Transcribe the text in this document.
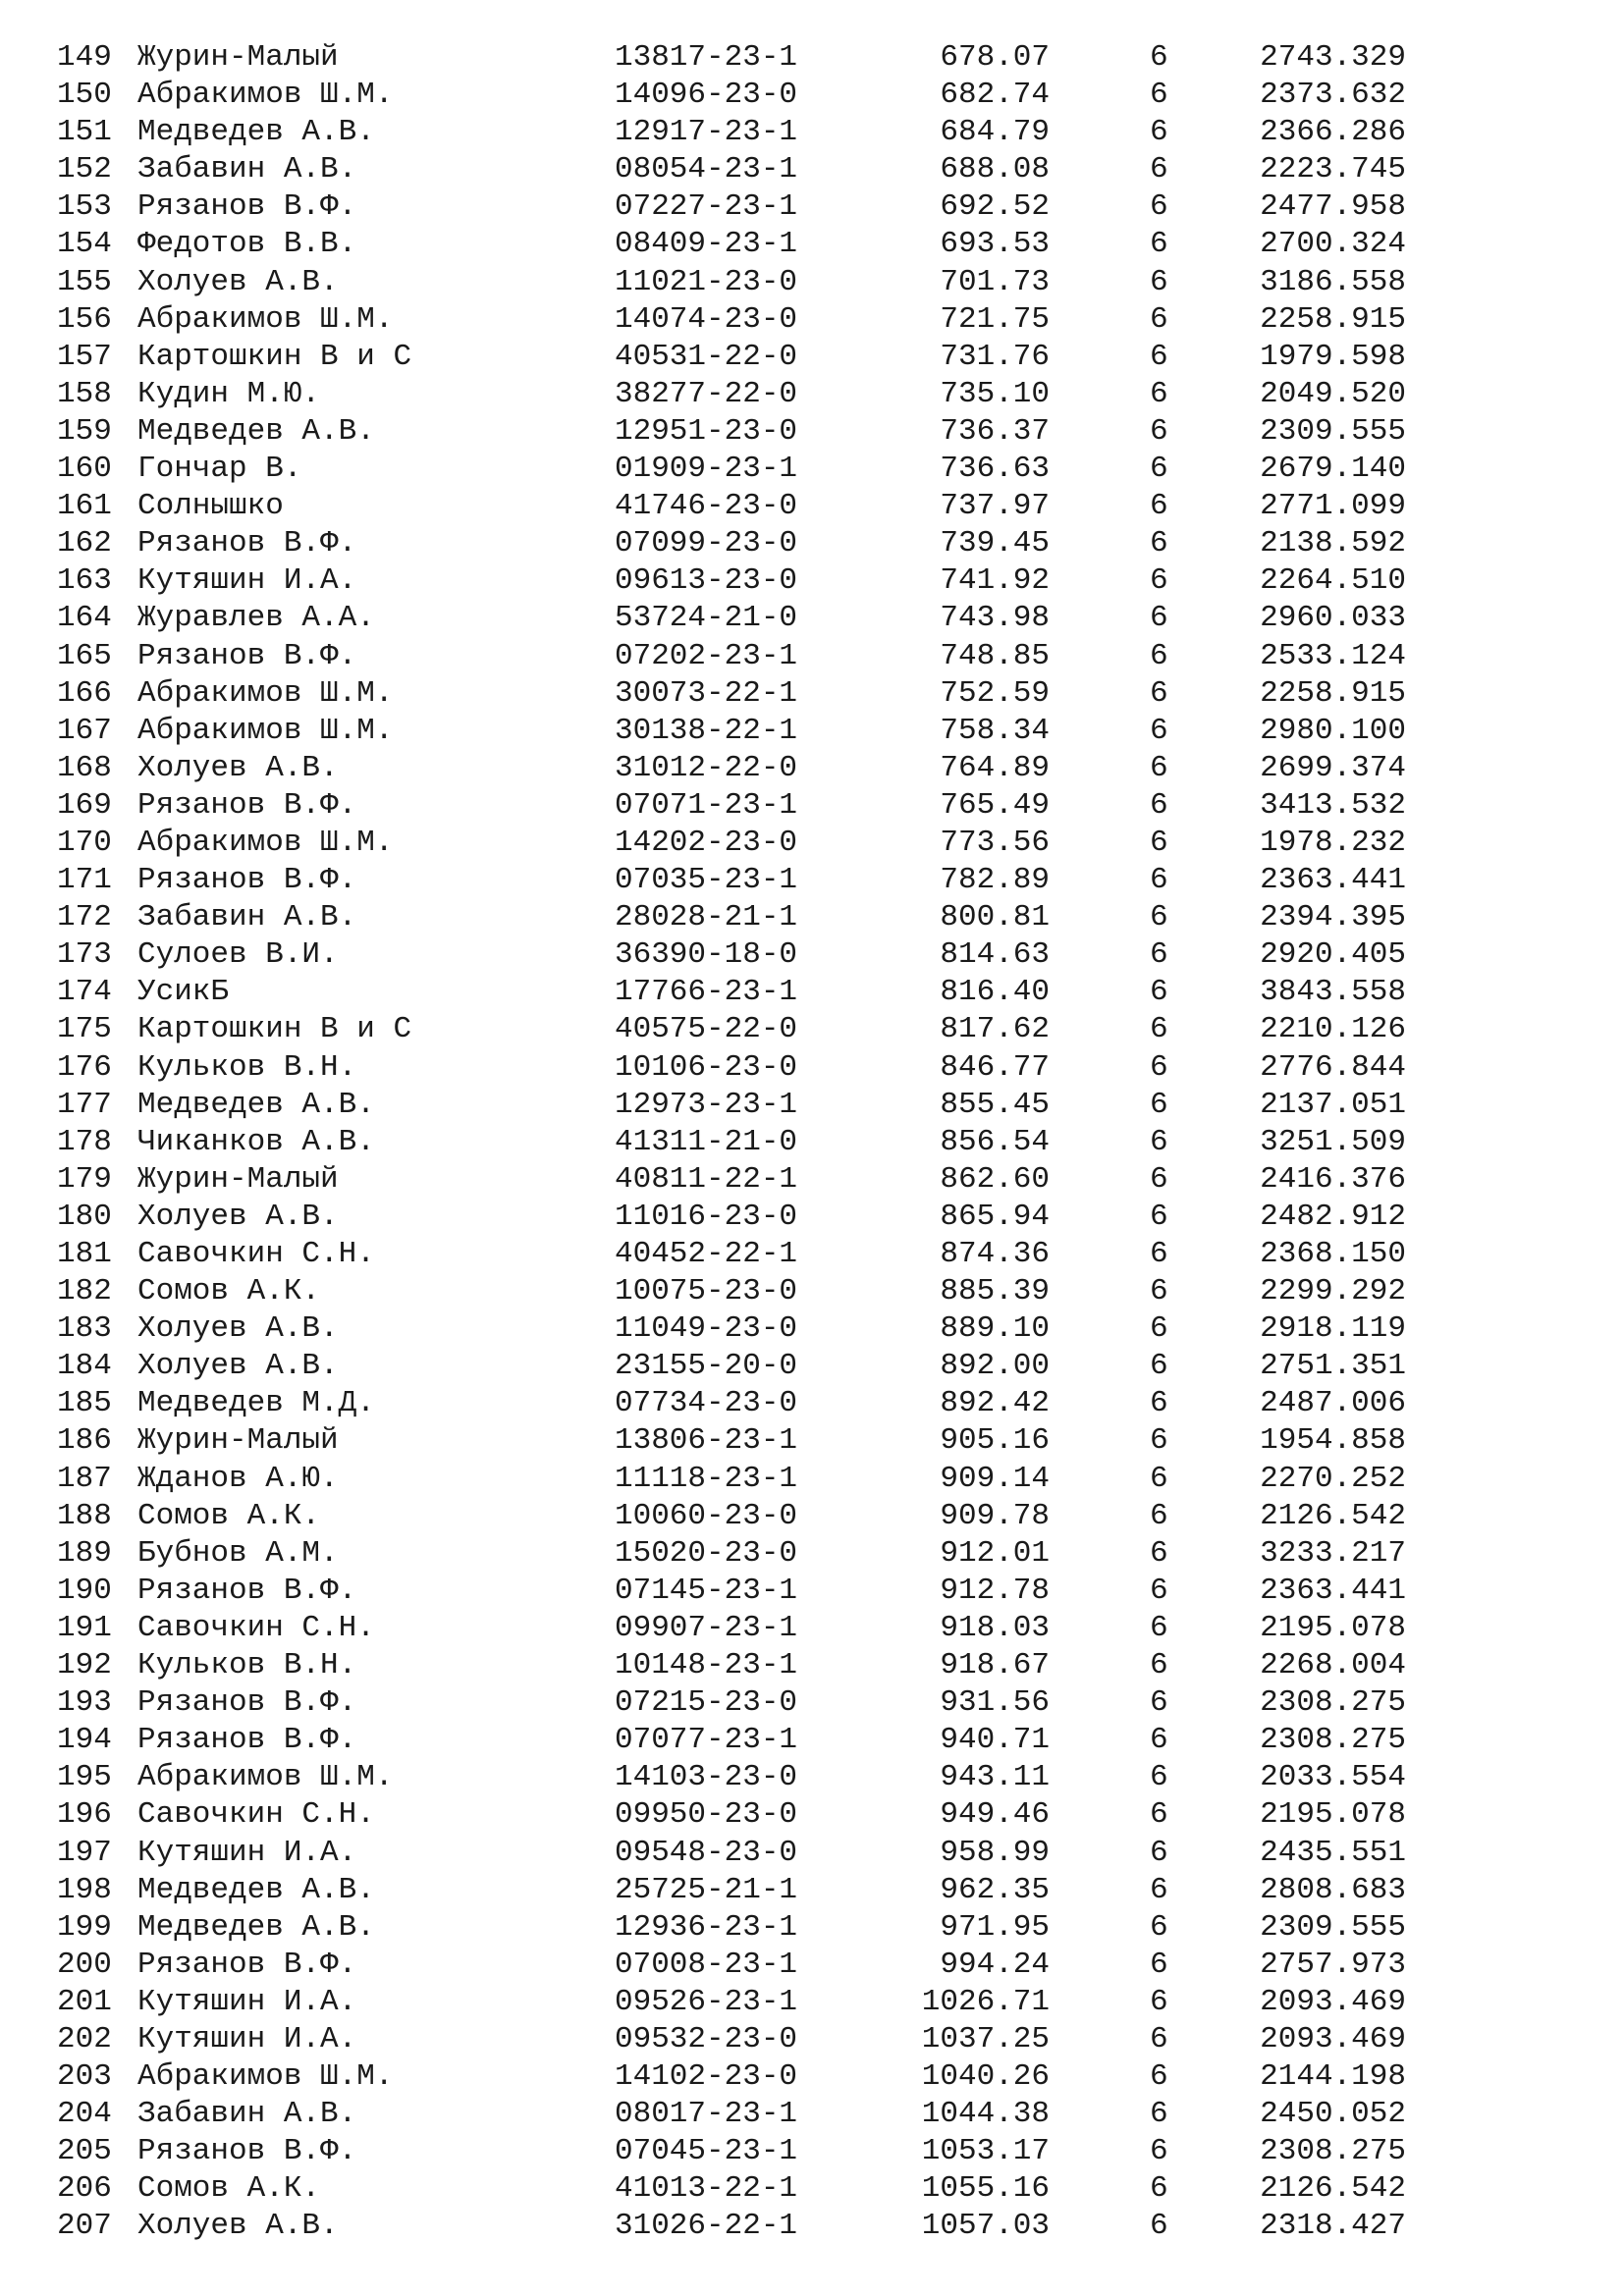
149 Журин-Малый	13817-23-1	678.07	6	2743.329
150 Абракимов Ш.М.	14096-23-0	682.74	6	2373.632
151 Медведев А.В.	12917-23-1	684.79	6	2366.286
152 Забавин А.В.	08054-23-1	688.08	6	2223.745
153 Рязанов В.Ф.	07227-23-1	692.52	6	2477.958
154 Федотов В.В.	08409-23-1	693.53	6	2700.324
155 Холуев А.В.	11021-23-0	701.73	6	3186.558
156 Абракимов Ш.М.	14074-23-0	721.75	6	2258.915
157 Картошкин В и С	40531-22-0	731.76	6	1979.598
158 Кудин М.Ю.	38277-22-0	735.10	6	2049.520
159 Медведев А.В.	12951-23-0	736.37	6	2309.555
160 Гончар В.	01909-23-1	736.63	6	2679.140
161 Солнышко	41746-23-0	737.97	6	2771.099
162 Рязанов В.Ф.	07099-23-0	739.45	6	2138.592
163 Кутяшин И.А.	09613-23-0	741.92	6	2264.510
164 Журавлев А.А.	53724-21-0	743.98	6	2960.033
165 Рязанов В.Ф.	07202-23-1	748.85	6	2533.124
166 Абракимов Ш.М.	30073-22-1	752.59	6	2258.915
167 Абракимов Ш.М.	30138-22-1	758.34	6	2980.100
168 Холуев А.В.	31012-22-0	764.89	6	2699.374
169 Рязанов В.Ф.	07071-23-1	765.49	6	3413.532
170 Абракимов Ш.М.	14202-23-0	773.56	6	1978.232
171 Рязанов В.Ф.	07035-23-1	782.89	6	2363.441
172 Забавин А.В.	28028-21-1	800.81	6	2394.395
173 Сулоев В.И.	36390-18-0	814.63	6	2920.405
174 УсикБ	17766-23-1	816.40	6	3843.558
175 Картошкин В и С	40575-22-0	817.62	6	2210.126
176 Кульков В.Н.	10106-23-0	846.77	6	2776.844
177 Медведев А.В.	12973-23-1	855.45	6	2137.051
178 Чиканков А.В.	41311-21-0	856.54	6	3251.509
179 Журин-Малый	40811-22-1	862.60	6	2416.376
180 Холуев А.В.	11016-23-0	865.94	6	2482.912
181 Савочкин С.Н.	40452-22-1	874.36	6	2368.150
182 Сомов А.К.	10075-23-0	885.39	6	2299.292
183 Холуев А.В.	11049-23-0	889.10	6	2918.119
184 Холуев А.В.	23155-20-0	892.00	6	2751.351
185 Медведев М.Д.	07734-23-0	892.42	6	2487.006
186 Журин-Малый	13806-23-1	905.16	6	1954.858
187 Жданов А.Ю.	11118-23-1	909.14	6	2270.252
188 Сомов А.К.	10060-23-0	909.78	6	2126.542
189 Бубнов А.М.	15020-23-0	912.01	6	3233.217
190 Рязанов В.Ф.	07145-23-1	912.78	6	2363.441
191 Савочкин С.Н.	09907-23-1	918.03	6	2195.078
192 Кульков В.Н.	10148-23-1	918.67	6	2268.004
193 Рязанов В.Ф.	07215-23-0	931.56	6	2308.275
194 Рязанов В.Ф.	07077-23-1	940.71	6	2308.275
195 Абракимов Ш.М.	14103-23-0	943.11	6	2033.554
196 Савочкин С.Н.	09950-23-0	949.46	6	2195.078
197 Кутяшин И.А.	09548-23-0	958.99	6	2435.551
198 Медведев А.В.	25725-21-1	962.35	6	2808.683
199 Медведев А.В.	12936-23-1	971.95	6	2309.555
200 Рязанов В.Ф.	07008-23-1	994.24	6	2757.973
201 Кутяшин И.А.	09526-23-1	1026.71	6	2093.469
202 Кутяшин И.А.	09532-23-0	1037.25	6	2093.469
203 Абракимов Ш.М.	14102-23-0	1040.26	6	2144.198
204 Забавин А.В.	08017-23-1	1044.38	6	2450.052
205 Рязанов В.Ф.	07045-23-1	1053.17	6	2308.275
206 Сомов А.К.	41013-22-1	1055.16	6	2126.542
207 Холуев А.В.	31026-22-1	1057.03	6	2318.427
